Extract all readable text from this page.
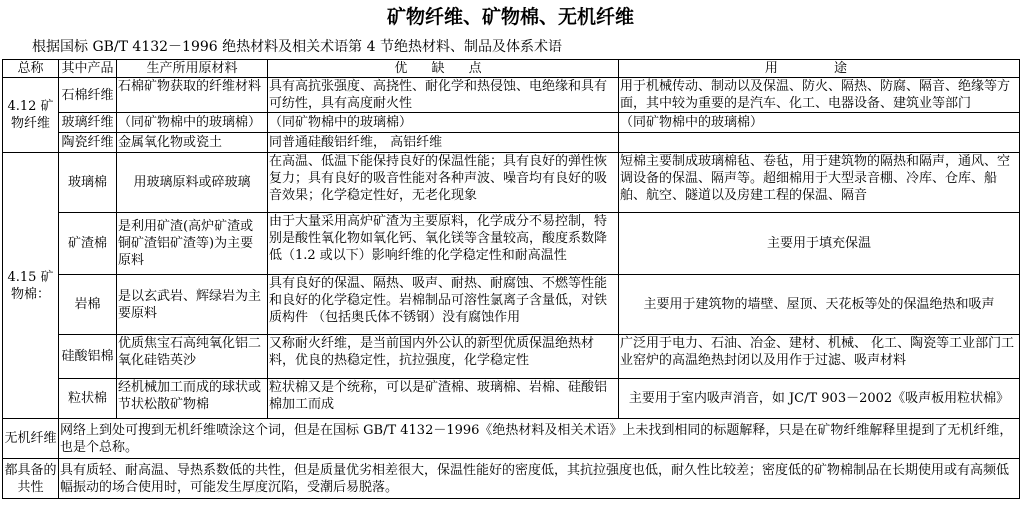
矿物纤维、矿物棉、无机纤维
根据国标 GB/T 4132－1996 绝热材料及相关术语第 4 节绝热材料、制品及体系术语
总称	其中产品	生产所用原材料	优 缺 点	用 途
4.12 矿物纤维	石棉纤维	石棉矿物获取的纤维材料	具有高抗张强度、高挠性、耐化学和热侵蚀、电绝缘和具有可纺性，具有高度耐火性	用于机械传动、制动以及保温、防火、隔热、防腐、隔音、绝缘等方面，其中较为重要的是汽车、化工、电器设备、建筑业等部门
	玻璃纤维	（同矿物棉中的玻璃棉）	（同矿物棉中的玻璃棉）	（同矿物棉中的玻璃棉）
	陶瓷纤维	金属氧化物或瓷土	同普通硅酸铝纤维， 高铝纤维	
4.15 矿物棉：	玻璃棉	用玻璃原料或碎玻璃	在高温、低温下能保持良好的保温性能；具有良好的弹性恢复力；具有良好的吸音性能对各种声波、噪音均有良好的吸音效果；化学稳定性好，无老化现象	短棉主要制成玻璃棉毡、卷毡，用于建筑物的隔热和隔声，通风、空调设备的保温、隔声等。超细棉用于大型录音棚、冷库、仓库、船舶、航空、隧道以及房建工程的保温、隔音
	矿渣棉	是利用矿渣(高炉矿渣或铜矿渣铝矿渣等)为主要原料	由于大量采用高炉矿渣为主要原料，化学成分不易控制，特别是酸性氧化物如氧化钙、氧化镁等含量较高，酸度系数降低（1.2 或以下）影响纤维的化学稳定性和耐高温性	主要用于填充保温
	岩棉	是以玄武岩、辉绿岩为主要原料	具有良好的保温、隔热、吸声、耐热、耐腐蚀、不燃等性能和良好的化学稳定性。岩棉制品可溶性氯离子含量低，对铁质构件 （包括奥氏体不锈钢）没有腐蚀作用	主要用于建筑物的墙壁、屋顶、天花板等处的保温绝热和吸声
	硅酸铝棉	优质焦宝石高纯氧化铝二氧化硅锆英沙	又称耐火纤维，是当前国内外公认的新型优质保温绝热材料，优良的热稳定性，抗拉强度，化学稳定性	广泛用于电力、石油、冶金、建材、机械、 化工、陶瓷等工业部门工业窑炉的高温绝热封闭以及用作于过滤、吸声材料
	粒状棉	经机械加工而成的球状或节状松散矿物棉	粒状棉又是个统称，可以是矿渣棉、玻璃棉、岩棉、硅酸铝棉加工而成	主要用于室内吸声消音，如 JC/T 903－2002《吸声板用粒状棉》
无机纤维	网络上到处可搜到无机纤维喷涂这个词，但是在国标 GB/T 4132－1996《绝热材料及相关术语》上未找到相同的标题解释，只是在矿物纤维解释里提到了无机纤维，也是个总称。			
都具备的共性	具有质轻、耐高温、导热系数低的共性，但是质量优劣相差很大，保温性能好的密度低，其抗拉强度也低，耐久性比较差；密度低的矿物棉制品在长期使用或有高频低幅振动的场合使用时，可能发生厚度沉陷，受潮后易脱落。			
